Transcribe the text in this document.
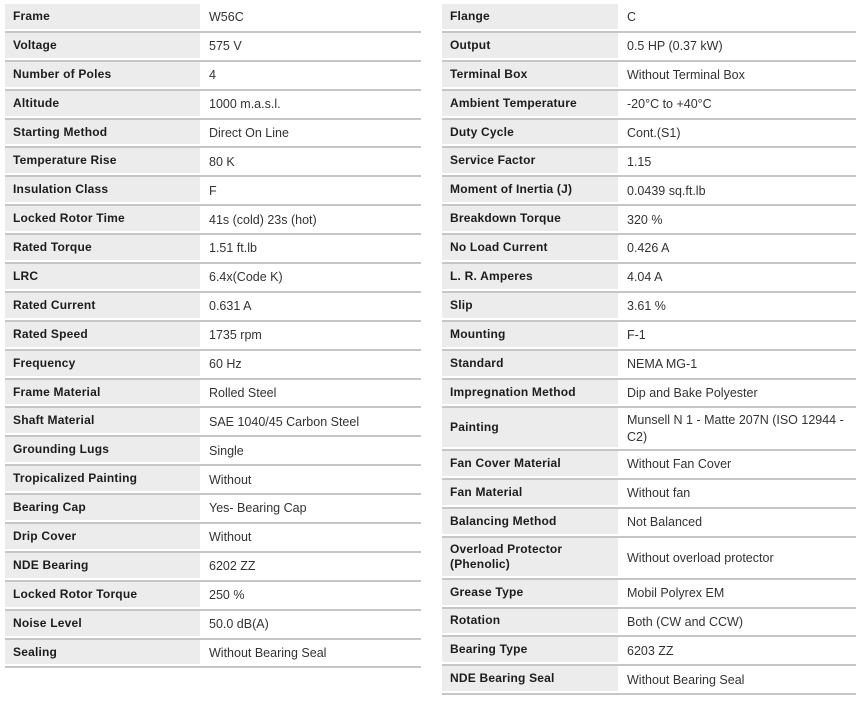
Frame	W56C
Voltage	575 V
Number of Poles	4
Altitude	1000 m.a.s.l.
Starting Method	Direct On Line
Temperature Rise	80 K
Insulation Class	F
Locked Rotor Time	41s (cold) 23s (hot)
Rated Torque	1.51 ft.lb
LRC	6.4x(Code K)
Rated Current	0.631 A
Rated Speed	1735 rpm
Frequency	60 Hz
Frame Material	Rolled Steel
Shaft Material	SAE 1040/45 Carbon Steel
Grounding Lugs	Single
Tropicalized Painting	Without
Bearing Cap	Yes- Bearing Cap
Drip Cover	Without
NDE Bearing	6202 ZZ
Locked Rotor Torque	250 %
Noise Level	50.0 dB(A)
Sealing	Without Bearing Seal
Flange	C
Output	0.5 HP (0.37 kW)
Terminal Box	Without Terminal Box
Ambient Temperature	-20°C to +40°C
Duty Cycle	Cont.(S1)
Service Factor	1.15
Moment of Inertia (J)	0.0439 sq.ft.lb
Breakdown Torque	320 %
No Load Current	0.426 A
L. R. Amperes	4.04 A
Slip	3.61 %
Mounting	F-1
Standard	NEMA MG-1
Impregnation Method	Dip and Bake Polyester
Painting	Munsell N 1 - Matte 207N (ISO 12944 - C2)
Fan Cover Material	Without Fan Cover
Fan Material	Without fan
Balancing Method	Not Balanced
Overload Protector (Phenolic)	Without overload protector
Grease Type	Mobil Polyrex EM
Rotation	Both (CW and CCW)
Bearing Type	6203 ZZ
NDE Bearing Seal	Without Bearing Seal
